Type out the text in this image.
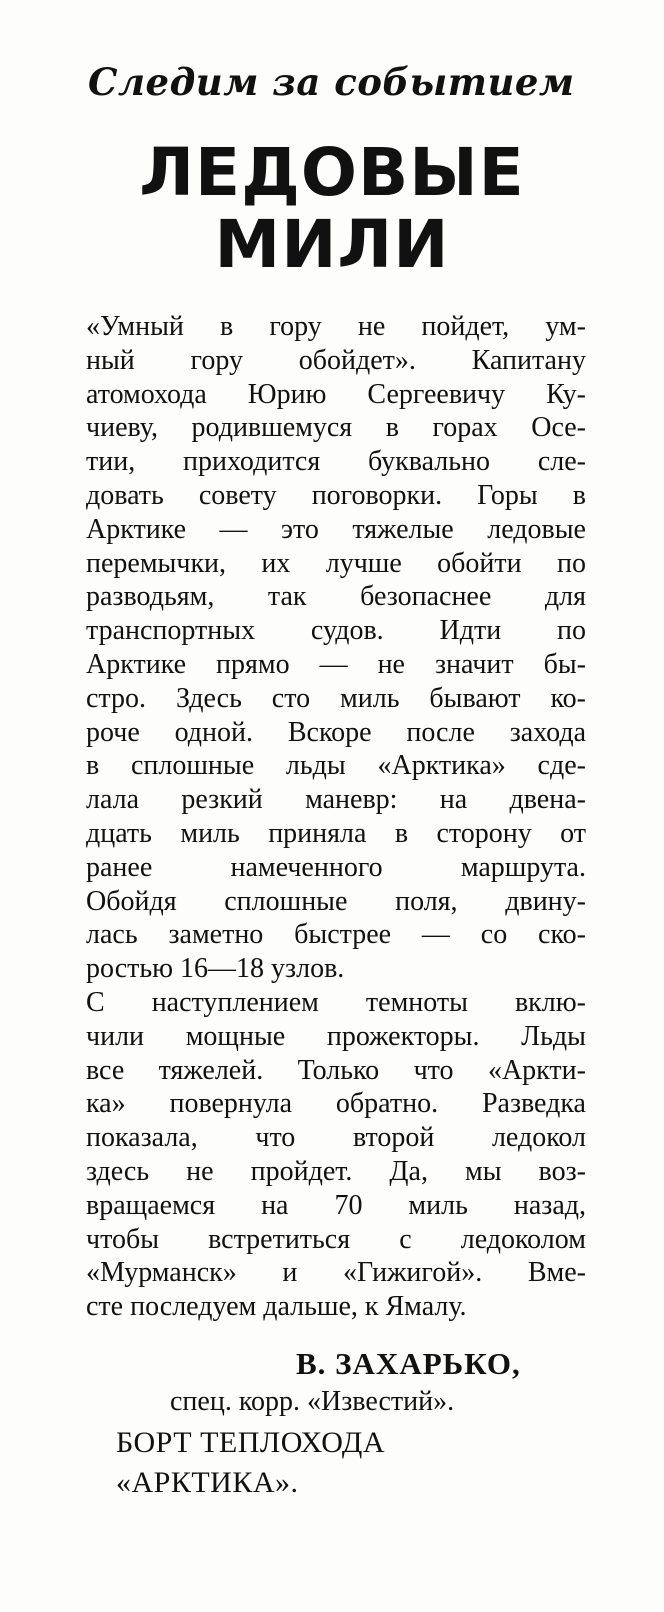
Следим за событием
ЛЕДОВЫЕ
МИЛИ

«Умный в гору не пойдет, ум-
ный гору обойдет». Капитану
атомохода Юрию Сергеевичу Ку-
чиеву, родившемуся в горах Осе-
тии, приходится буквально сле-
довать совету поговорки. Горы в
Арктике — это тяжелые ледовые
перемычки, их лучше обойти по
разводьям, так безопаснее для
транспортных судов. Идти по
Арктике прямо — не значит бы-
стро. Здесь сто миль бывают ко-
роче одной. Вскоре после захода
в сплошные льды «Арктика» сде-
лала резкий маневр: на двена-
дцать миль приняла в сторону от
ранее	намеченного	маршрута.
Обойдя сплошные поля, двину-
лась заметно быстрее — со ско-
ростью 16—18 узлов.

С наступлением темноты вклю-
чили мощные прожекторы. Льды
все тяжелей. Только что «Аркти-
ка» повернула обратно. Разведка
показала, что второй ледокол
здесь не пройдет. Да, мы воз-
вращаемся на 70 миль назад,
чтобы встретиться с ледоколом
«Мурманск» и «Гижигой». Вме-
сте последуем дальше, к Ямалу.

В. ЗАХАРЬКО,
спец. корр. «Известий».
БОРТ ТЕПЛОХОДА
«АРКТИКА».
